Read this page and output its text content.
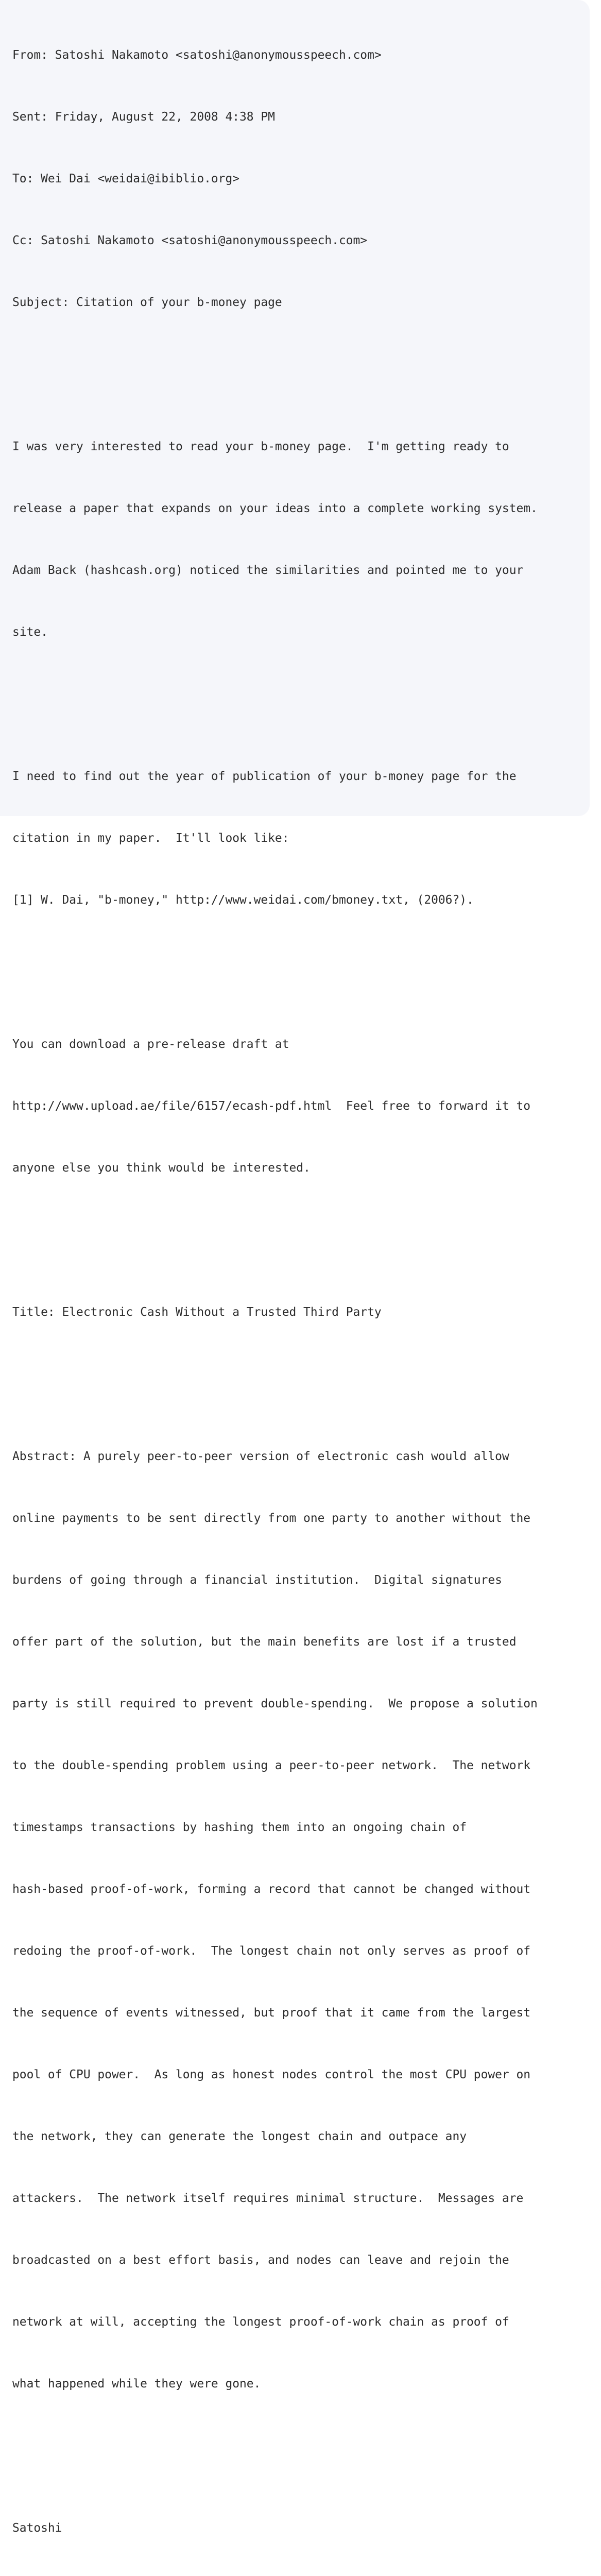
From: Satoshi Nakamoto <satoshi@anonymousspeech.com>

Sent: Friday, August 22, 2008 4:38 PM

To: Wei Dai <weidai@ibiblio.org>

Cc: Satoshi Nakamoto <satoshi@anonymousspeech.com>

Subject: Citation of your b-money page

I was very interested to read your b-money page.  I'm getting ready to

release a paper that expands on your ideas into a complete working system.

Adam Back (hashcash.org) noticed the similarities and pointed me to your

site.

I need to find out the year of publication of your b-money page for the

citation in my paper.  It'll look like:

[1] W. Dai, "b-money," http://www.weidai.com/bmoney.txt, (2006?).

You can download a pre-release draft at

http://www.upload.ae/file/6157/ecash-pdf.html  Feel free to forward it to

anyone else you think would be interested.

Title: Electronic Cash Without a Trusted Third Party

Abstract: A purely peer-to-peer version of electronic cash would allow

online payments to be sent directly from one party to another without the

burdens of going through a financial institution.  Digital signatures

offer part of the solution, but the main benefits are lost if a trusted

party is still required to prevent double-spending.  We propose a solution

to the double-spending problem using a peer-to-peer network.  The network

timestamps transactions by hashing them into an ongoing chain of

hash-based proof-of-work, forming a record that cannot be changed without

redoing the proof-of-work.  The longest chain not only serves as proof of

the sequence of events witnessed, but proof that it came from the largest

pool of CPU power.  As long as honest nodes control the most CPU power on

the network, they can generate the longest chain and outpace any

attackers.  The network itself requires minimal structure.  Messages are

broadcasted on a best effort basis, and nodes can leave and rejoin the

network at will, accepting the longest proof-of-work chain as proof of

what happened while they were gone.

Satoshi
